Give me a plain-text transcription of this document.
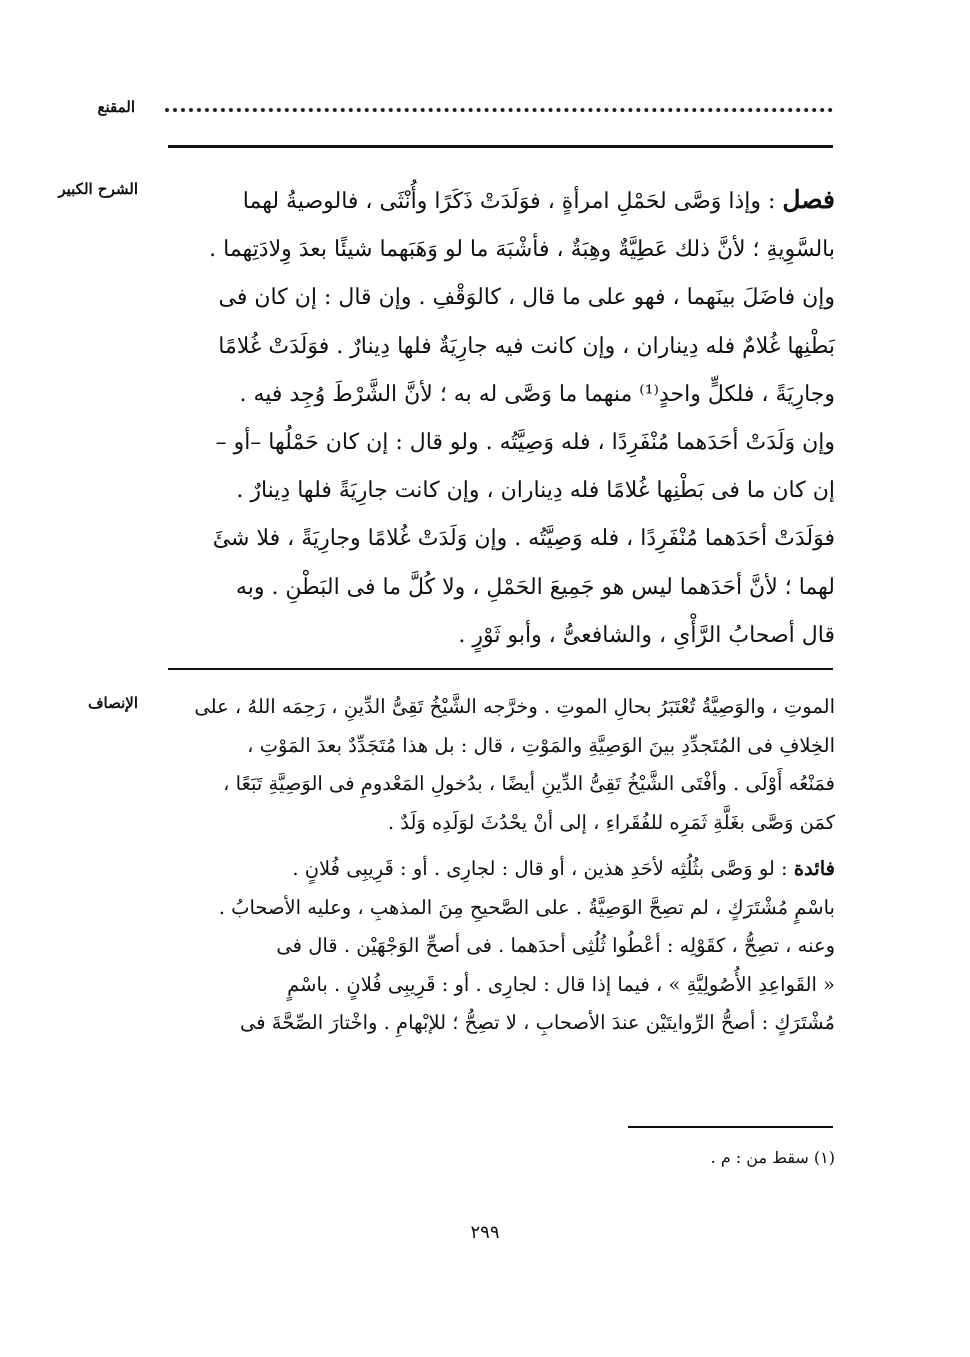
المقنع
الشرح الكبير	فصل : وإذا وَصَّى لحَمْلِ امرأةٍ ، فوَلَدَتْ ذَكَرًا وأُنْثَى ، فالوصيةُ لهما
بالسَّوِيةِ ؛ لأنَّ ذلك عَطِيَّةٌ وهِبَةٌ ، فأشْبَهَ ما لو وَهَبَهما شيئًا بعدَ وِلادَتِهما .
وإن فاضَلَ بينَهما ، فهو على ما قال ، كالوَقْفِ . وإن قال : إن كان فى
بَطْنِها غُلامٌ فله دِيناران ، وإن كانت فيه جارِيَةٌ فلها دِينارٌ . فوَلَدَتْ غُلامًا
وجارِيَةً ، فلكلٍّ واحدٍ⁽¹⁾ منهما ما وَصَّى له به ؛ لأنَّ الشَّرْطَ وُجِد فيه .
وإن وَلَدَتْ أحَدَهما مُنْفَرِدًا ، فله وَصِيَّتُه . ولو قال : إن كان حَمْلُها –أو –
إن كان ما فى بَطْنِها غُلامًا فله دِيناران ، وإن كانت جارِيَةً فلها دِينارٌ .
فوَلَدَتْ أحَدَهما مُنْفَرِدًا ، فله وَصِيَّتُه . وإن وَلَدَتْ غُلامًا وجارِيَةً ، فلا شئَ
لهما ؛ لأنَّ أحَدَهما ليس هو جَمِيعَ الحَمْلِ ، ولا كُلَّ ما فى البَطْنِ . وبه
قال أصحابُ الرَّأْىِ ، والشافعىُّ ، وأبو ثَوْرٍ .
الإنصاف	الموتِ ، والوَصِيَّةُ تُعْتَبَرُ بحالِ الموتِ . وخرَّجه الشَّيْخُ تَقِىُّ الدِّينِ ، رَحِمَه اللهُ ، على
الخِلافِ فى المُتَجدِّدِ بينَ الوَصِيَّةِ والمَوْتِ ، قال : بل هذا مُتَجَدِّدٌ بعدَ المَوْتِ ،
فمَنْعُه أَوْلَى . وأفْتَى الشَّيْخُ تَقِىُّ الدِّينِ أيضًا ، بدُخولِ المَعْدومِ فى الوَصِيَّةِ تَبَعًا ،
كمَن وَصَّى بغَلَّةِ ثَمَرِه للفُقَراءِ ، إلى أنْ يحْدُثَ لوَلَدِه وَلَدٌ .
فائدة : لو وَصَّى بثُلُثِه لأحَدِ هذين ، أو قال : لجارِى . أو : قَرِيبِى فُلانٍ .
باسْمٍ مُشْتَرَكٍ ، لم تصِحَّ الوَصِيَّةُ . على الصَّحيحِ مِنَ المذهبِ ، وعليه الأصحابُ .
وعنه ، تصِحُّ ، كقَوْلِه : أعْطُوا ثُلُثِى أحدَهما . فى أصحِّ الوَجْهَيْن . قال فى
« القَواعِدِ الأُصُولِيَّةِ » ، فيما إذا قال : لجارِى . أو : قَرِيبِى فُلانٍ . باسْمٍ
مُشْتَرَكٍ : أصحُّ الرِّوايتَيْن عندَ الأصحابِ ، لا تصِحُّ ؛ للإبْهامِ . واخْتارَ الصِّحَّةَ فى
(١) سقط من : م .
٢٩٩
